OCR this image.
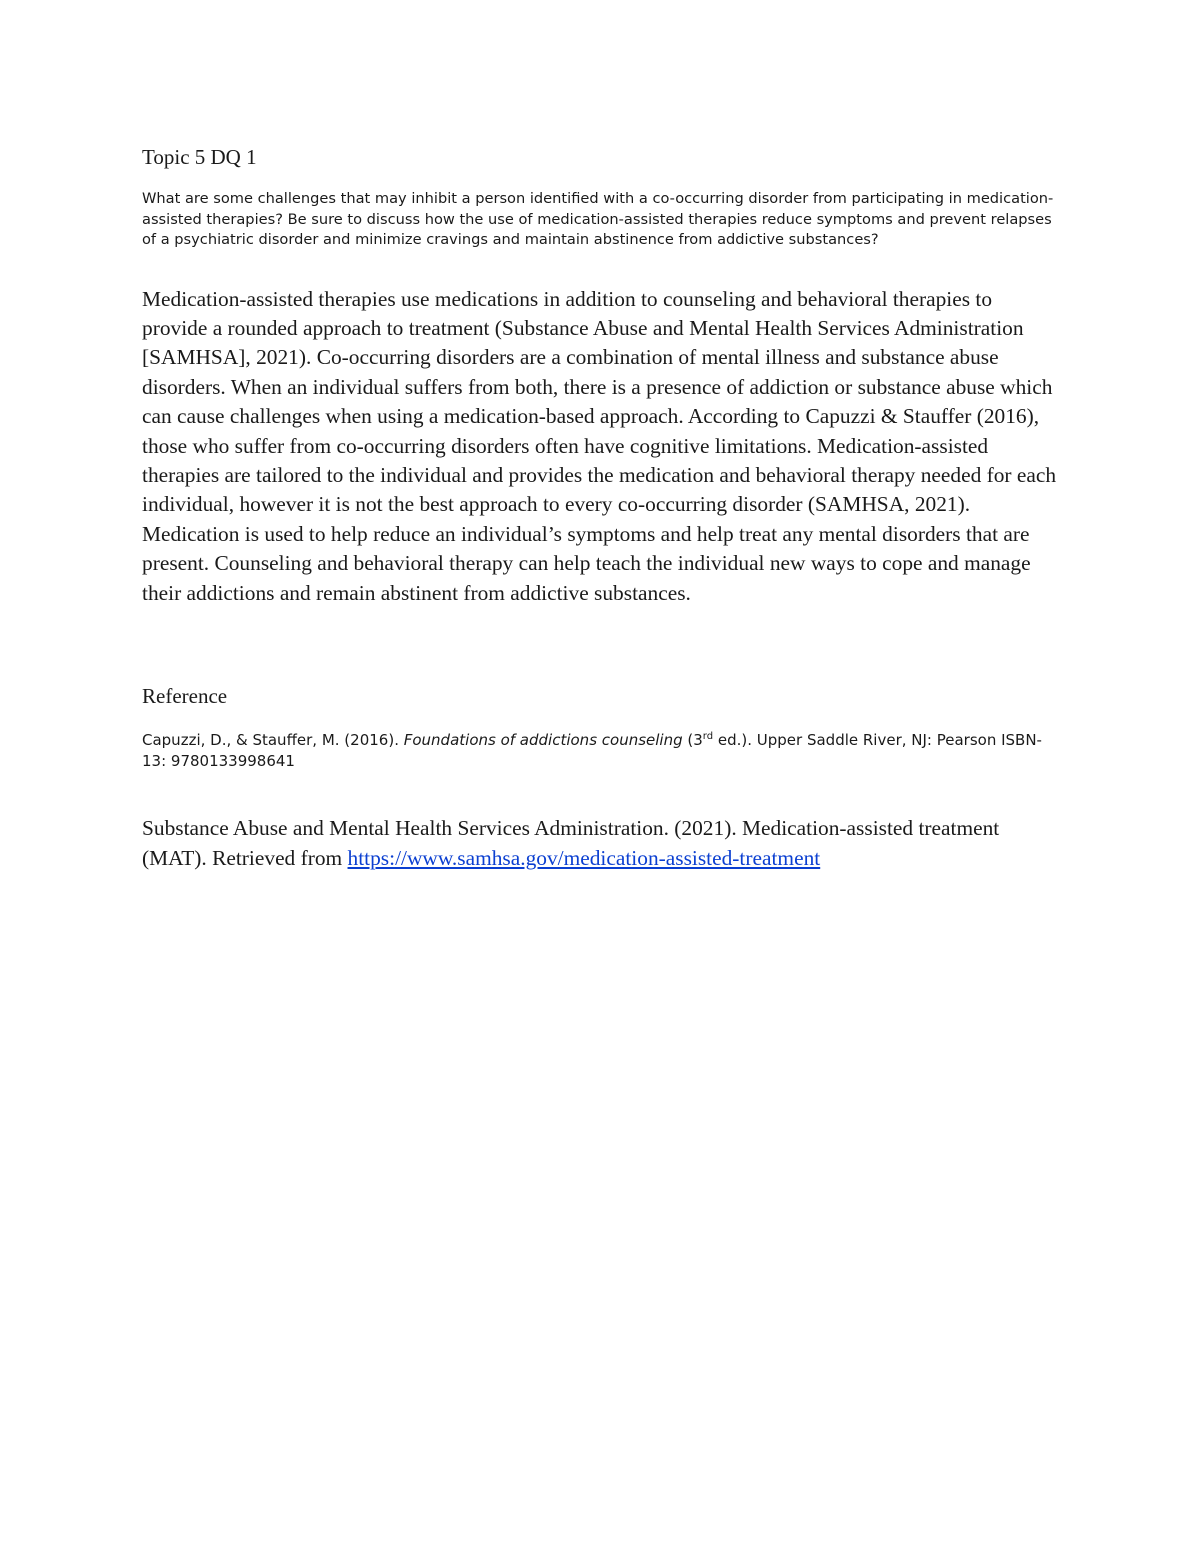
Topic 5 DQ 1

What are some challenges that may inhibit a person identified with a co-occurring disorder from participating in medication-assisted therapies? Be sure to discuss how the use of medication-assisted therapies reduce symptoms and prevent relapses of a psychiatric disorder and minimize cravings and maintain abstinence from addictive substances?

Medication-assisted therapies use medications in addition to counseling and behavioral therapies to provide a rounded approach to treatment (Substance Abuse and Mental Health Services Administration [SAMHSA], 2021). Co-occurring disorders are a combination of mental illness and substance abuse disorders. When an individual suffers from both, there is a presence of addiction or substance abuse which can cause challenges when using a medication-based approach. According to Capuzzi & Stauffer (2016), those who suffer from co-occurring disorders often have cognitive limitations. Medication-assisted therapies are tailored to the individual and provides the medication and behavioral therapy needed for each individual, however it is not the best approach to every co-occurring disorder (SAMHSA, 2021). Medication is used to help reduce an individual’s symptoms and help treat any mental disorders that are present. Counseling and behavioral therapy can help teach the individual new ways to cope and manage their addictions and remain abstinent from addictive substances.

Reference

Capuzzi, D., & Stauffer, M. (2016). Foundations of addictions counseling (3rd ed.). Upper Saddle River, NJ: Pearson ISBN-13: 9780133998641

Substance Abuse and Mental Health Services Administration. (2021). Medication-assisted treatment (MAT). Retrieved from https://www.samhsa.gov/medication-assisted-treatment
